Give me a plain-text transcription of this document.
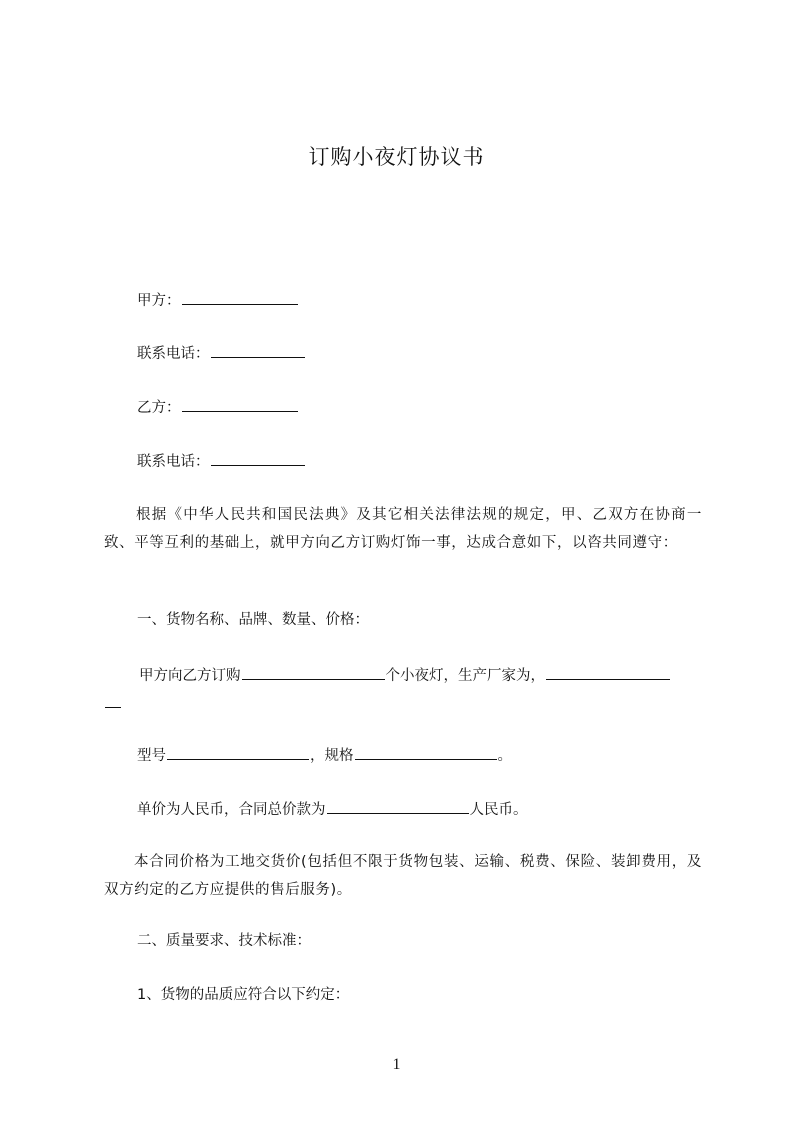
订购小夜灯协议书
甲方：
联系电话：
乙方：
联系电话：
根据《中华人民共和国民法典》及其它相关法律法规的规定，甲、乙双方在协商一致、平等互利的基础上，就甲方向乙方订购灯饰一事，达成合意如下，以咨共同遵守：
一、货物名称、品牌、数量、价格：
甲方向乙方订购	个小夜灯，生产厂家为，
型号	，规格	。
单价为人民币，合同总价款为	人民币。
本合同价格为工地交货价(包括但不限于货物包装、运输、税费、保险、装卸费用，及双方约定的乙方应提供的售后服务)。
二、质量要求、技术标准：
1、货物的品质应符合以下约定：
1
